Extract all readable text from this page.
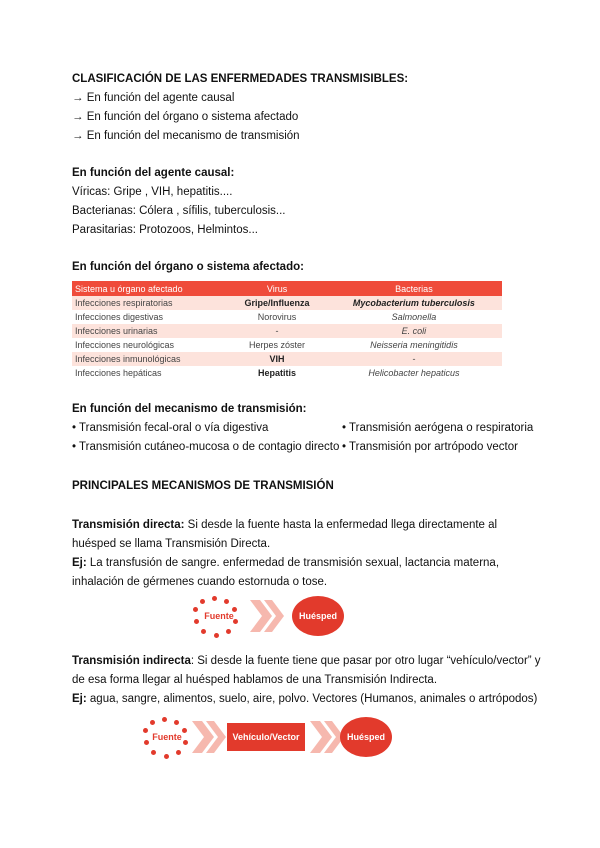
CLASIFICACIÓN DE LAS ENFERMEDADES TRANSMISIBLES:
→ En función del agente causal
→ En función del órgano o sistema afectado
→ En función del mecanismo de transmisión
En función del agente causal:
Víricas: Gripe , VIH, hepatitis....
Bacterianas: Cólera , sífilis, tuberculosis...
Parasitarias: Protozoos, Helmintos...
En función del órgano o sistema afectado:
Sistema u órgano afectado	Virus	Bacterias
Infecciones respiratorias	Gripe/Influenza	Mycobacterium tuberculosis
Infecciones digestivas	Norovirus	Salmonella
Infecciones urinarias	-	E. coli
Infecciones neurológicas	Herpes zóster	Neisseria meningitidis
Infecciones inmunológicas	VIH	-
Infecciones hepáticas	Hepatitis	Helicobacter hepaticus
En función del mecanismo de transmisión:
• Transmisión fecal-oral o vía digestiva
• Transmisión cutáneo-mucosa o de contagio directo
• Transmisión aerógena o respiratoria
• Transmisión por artrópodo vector
PRINCIPALES MECANISMOS DE TRANSMISIÓN
Transmisión directa: Si desde la fuente hasta la enfermedad llega directamente al
huésped se llama Transmisión Directa.
Ej: La transfusión de sangre. enfermedad de transmisión sexual, lactancia materna,
inhalación de gérmenes cuando estornuda o tose.
Fuente	Huésped
Transmisión indirecta: Si desde la fuente tiene que pasar por otro lugar “vehículo/vector” y
de esa forma llegar al huésped hablamos de una Transmisión Indirecta.
Ej: agua, sangre, alimentos, suelo, aire, polvo. Vectores (Humanos, animales o artrópodos)
Fuente	Vehículo/Vector	Huésped
